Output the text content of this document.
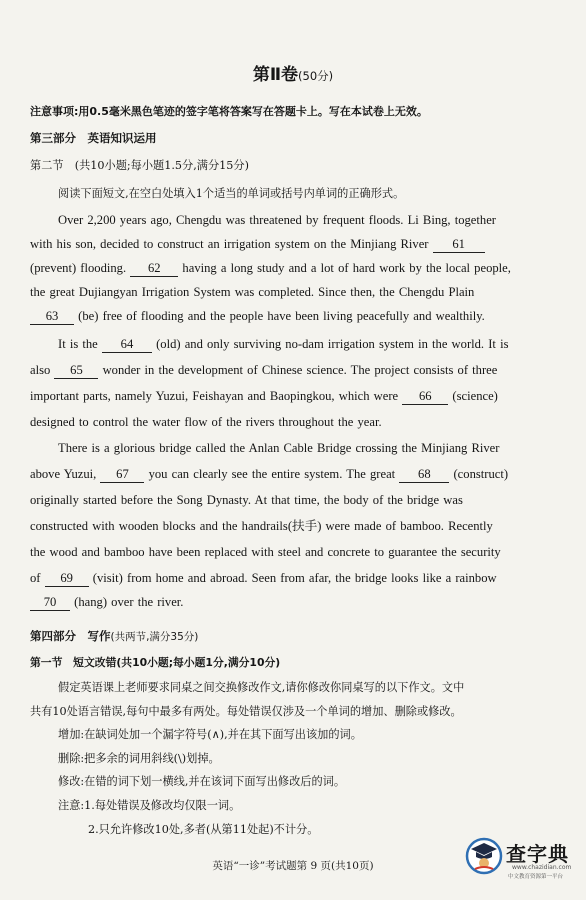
第Ⅱ卷(50分)
注意事项:用0.5毫米黑色笔迹的签字笔将答案写在答题卡上。写在本试卷上无效。
第三部分　英语知识运用
第二节　(共10小题;每小题1.5分,满分15分)
阅读下面短文,在空白处填入1个适当的单词或括号内单词的正确形式。
Over 2,200 years ago, Chengdu was threatened by frequent floods. Li Bing, together
with his son, decided to construct an irrigation system on the Minjiang River 61
(prevent) flooding. 62 having a long study and a lot of hard work by the local people,
the great Dujiangyan Irrigation System was completed. Since then, the Chengdu Plain
63 (be) free of flooding and the people have been living peacefully and wealthily.
It is the 64 (old) and only surviving no-dam irrigation system in the world. It is
also 65 wonder in the development of Chinese science. The project consists of three
important parts, namely Yuzui, Feishayan and Baopingkou, which were 66 (science)
designed to control the water flow of the rivers throughout the year.
There is a glorious bridge called the Anlan Cable Bridge crossing the Minjiang River
above Yuzui, 67 you can clearly see the entire system. The great 68 (construct)
originally started before the Song Dynasty. At that time, the body of the bridge was
constructed with wooden blocks and the handrails(扶手) were made of bamboo. Recently
the wood and bamboo have been replaced with steel and concrete to guarantee the security
of 69 (visit) from home and abroad. Seen from afar, the bridge looks like a rainbow
70 (hang) over the river.
第四部分　写作(共两节,满分35分)
第一节　短文改错(共10小题;每小题1分,满分10分)
假定英语课上老师要求同桌之间交换修改作文,请你修改你同桌写的以下作文。文中
共有10处语言错误,每句中最多有两处。每处错误仅涉及一个单词的增加、删除或修改。
增加:在缺词处加一个漏字符号(∧),并在其下面写出该加的词。
删除:把多余的词用斜线(\)划掉。
修改:在错的词下划一横线,并在该词下面写出修改后的词。
注意:1.每处错误及修改均仅限一词。
2.只允许修改10处,多者(从第11处起)不计分。
英语“一诊”考试题第 9 页(共10页)	查字典
www.chazidian.com
中文教育资源第一平台
